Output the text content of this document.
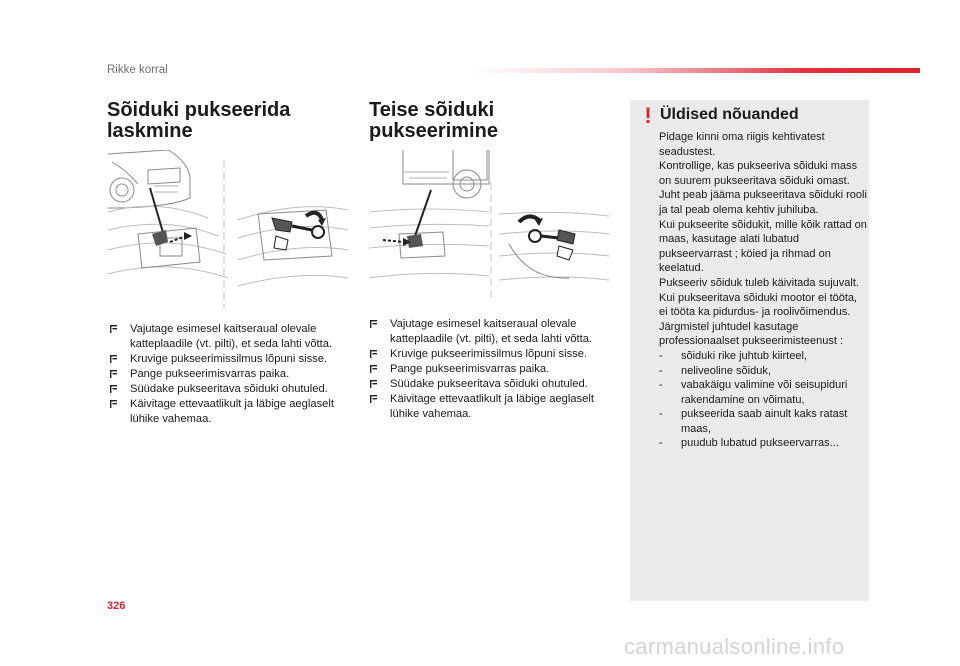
Rikke korral
Sõiduki pukseerida laskmine
Vajutage esimesel kaitseraual olevale katteplaadile (vt. pilti), et seda lahti võtta.
Kruvige pukseerimissilmus lõpuni sisse.
Pange pukseerimisvarras paika.
Süüdake pukseeritava sõiduki ohutuled.
Käivitage ettevaatlikult ja läbige aeglaselt lühike vahemaa.
Teise sõiduki pukseerimine
Vajutage esimesel kaitseraual olevale katteplaadile (vt. pilti), et seda lahti võtta.
Kruvige pukseerimissilmus lõpuni sisse.
Pange pukseerimisvarras paika.
Süüdake pukseeritava sõiduki ohutuled.
Käivitage ettevaatlikult ja läbige aeglaselt lühike vahemaa.
! Üldised nõuanded

Pidage kinni oma riigis kehtivatest seadustest.

Kontrollige, kas pukseeriva sõiduki mass on suurem pukseeritava sõiduki omast.

Juht peab jääma pukseeritava sõiduki rooli ja tal peab olema kehtiv juhiluba.

Kui pukseerite sõidukit, mille kõik rattad on maas, kasutage alati lubatud pukseervarrast ; köied ja rihmad on keelatud.

Pukseeriv sõiduk tuleb käivitada sujuvalt.

Kui pukseeritava sõiduki mootor ei tööta, ei tööta ka pidurdus- ja roolivõimendus.

Järgmistel juhtudel kasutage professionaalset pukseerimisteenust :

- sõiduki rike juhtub kiirteel,
- neliveoline sõiduk,
- vabakäigu valimine või seisupiduri rakendamine on võimatu,
- pukseerida saab ainult kaks ratast maas,
- puudub lubatud pukseervarras...
326
carmanualsonline.info
